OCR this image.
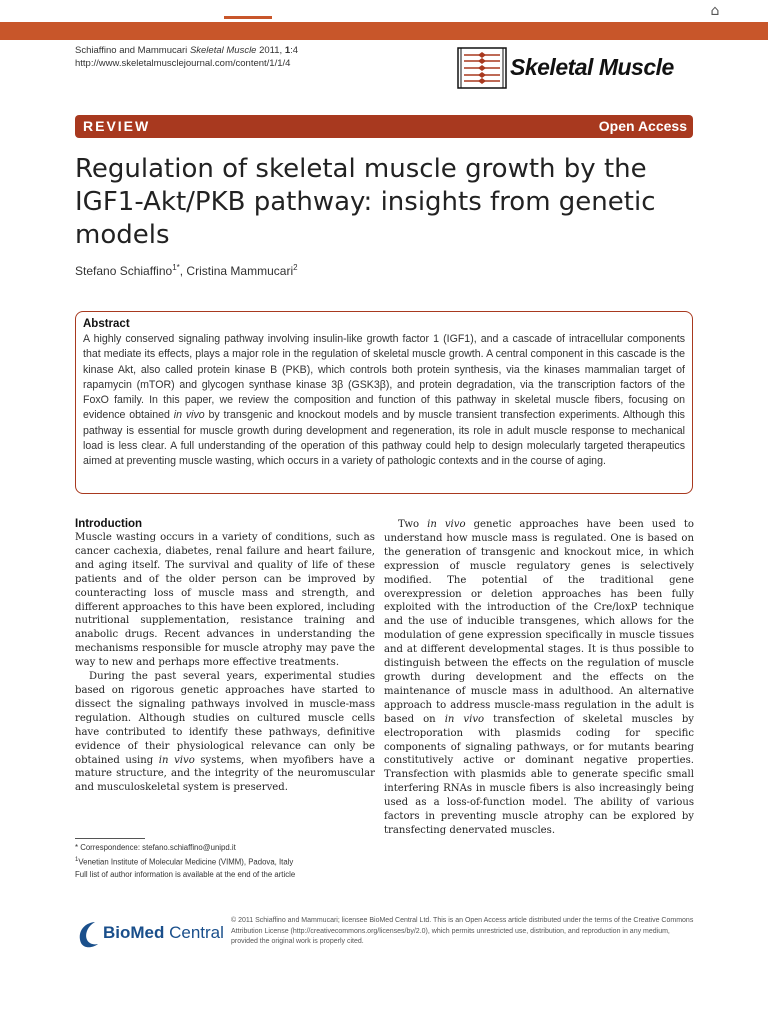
⌂
Schiaffino and Mammucari Skeletal Muscle 2011, 1:4
http://www.skeletalmusclejournal.com/content/1/1/4	Skeletal Muscle
REVIEW	Open Access
Regulation of skeletal muscle growth by the IGF1-Akt/PKB pathway: insights from genetic models
Stefano Schiaffino$^{1*}$, Cristina Mammucari$^2$
Abstract

A highly conserved signaling pathway involving insulin-like growth factor 1 (IGF1), and a cascade of intracellular components that mediate its effects, plays a major role in the regulation of skeletal muscle growth. A central component in this cascade is the kinase Akt, also called protein kinase B (PKB), which controls both protein synthesis, via the kinases mammalian target of rapamycin (mTOR) and glycogen synthase kinase 3β (GSK3β), and protein degradation, via the transcription factors of the FoxO family. In this paper, we review the composition and function of this pathway in skeletal muscle fibers, focusing on evidence obtained in vivo by transgenic and knockout models and by muscle transient transfection experiments. Although this pathway is essential for muscle growth during development and regeneration, its role in adult muscle response to mechanical load is less clear. A full understanding of the operation of this pathway could help to design molecularly targeted therapeutics aimed at preventing muscle wasting, which occurs in a variety of pathologic contexts and in the course of aging.

Introduction

Muscle wasting occurs in a variety of conditions, such as cancer cachexia, diabetes, renal failure and heart failure, and aging itself. The survival and quality of life of these patients and of the older person can be improved by counteracting loss of muscle mass and strength, and different approaches to this have been explored, including nutritional supplementation, resistance training and anabolic drugs. Recent advances in understanding the mechanisms responsible for muscle atrophy may pave the way to new and perhaps more effective treatments.

During the past several years, experimental studies based on rigorous genetic approaches have started to dissect the signaling pathways involved in muscle-mass regulation. Although studies on cultured muscle cells have contributed to identify these pathways, definitive evidence of their physiological relevance can only be obtained using in vivo systems, when myofibers have a mature structure, and the integrity of the neuromuscular and musculoskeletal system is preserved.

Two in vivo genetic approaches have been used to understand how muscle mass is regulated. One is based on the generation of transgenic and knockout mice, in which expression of muscle regulatory genes is selectively modified. The potential of the traditional gene overexpression or deletion approaches has been fully exploited with the introduction of the Cre/loxP technique and the use of inducible transgenes, which allows for the modulation of gene expression specifically in muscle tissues and at different developmental stages. It is thus possible to distinguish between the effects on the regulation of muscle growth during development and the effects on the maintenance of muscle mass in adulthood. An alternative approach to address muscle-mass regulation in the adult is based on in vivo transfection of skeletal muscles by electroporation with plasmids coding for specific components of signaling pathways, or for mutants bearing constitutively active or dominant negative properties. Transfection with plasmids able to generate specific small interfering RNAs in muscle fibers is also increasingly being used as a loss-of-function model. The ability of various factors in preventing muscle atrophy can be explored by transfecting denervated muscles.

* Correspondence: stefano.schiaffino@unipd.it
$^1$Venetian Institute of Molecular Medicine (VIMM), Padova, Italy
Full list of author information is available at the end of the article
BioMed Central
© 2011 Schiaffino and Mammucari; licensee BioMed Central Ltd. This is an Open Access article distributed under the terms of the Creative Commons Attribution License (http://creativecommons.org/licenses/by/2.0), which permits unrestricted use, distribution, and reproduction in any medium, provided the original work is properly cited.
